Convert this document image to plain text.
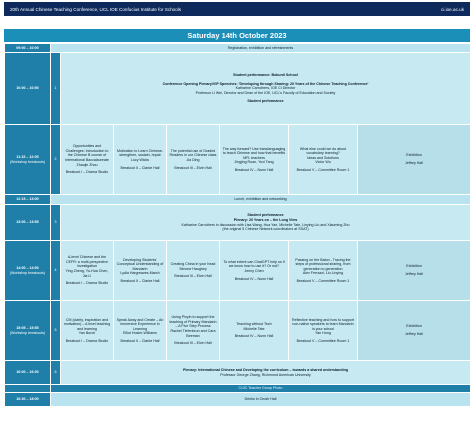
20th Annual Chinese Teaching Conference, UCL IOE Confucius Institute for Schools	ci.ioe.ac.uk
Saturday 14th October 2023
09:00 – 10:00	Registration, exhibition and refreshments						
10:00 – 10:50	1	Student performance: Bokunti School
Conference Opening Plenary/VIP Speeches: 'Developing through Sharing: 20 Years of the Chinese Teaching Conference'
Katharine Carruthers, IOE CI Director
Professor Li Wei, Director and Dean of the IOE, UCL's Faculty of Education and Society
Student performance					

11:15 – 12:05
(Workshop breakouts)	2	Opportunities and Challenges: Introduction to the Chinese B course of International Baccalaureate
Zhaojin Zhou
Breakout I – Drama Studio	Motivation to Learn Chinese- strengthen, sustain, repair
Lucy Wicks
Breakout II – Clarke Hall	The potential use of Graded Readers in our Chinese class
Jia Ding
Breakout III – Elvin Hall	The way forward? Use translanguaging to teach Chinese and how that benefits MFL teachers
Jingjing Ruan, Yuxi Tang
Breakout IV – Nunn Hall	What else could we do about vocabulary learning?
Ideas and Solutions
Victor Wu
Breakout V – Committee Room 1	Exhibition
Jeffrey Hall

12:15 – 13:00	Lunch, exhibition and networking						
13:00 – 13:55	3	Student performance
Plenary: 20 Years on – the Long View
Katharine Carruthers in discussion with Lisa Wang, Hua Yan, Michelle Tate, Linying Liu and Xiaoming Zhu
(the original 5 Chinese Network coordinators at SSAT)					

14:00 – 14:50
(Workshop breakouts)	4	A-level Chinese and the CEFR: a multi-perspective investigation
Ying Zheng, Yu-Hua Chen, Jia Li
Breakout I – Drama Studio	Developing Students' Conceptual Understanding of Mandarin
Lydia Hargreaves-March
Breakout II – Clarke Hall	Creating China in your head
Simone Haughey
Breakout III – Elvin Hall	To what extent can ChatGPT help us if we know how to use it? Or not?
Jenny Chen
Breakout IV – Nunn Hall	Passing on the Baton - Tracing the steps of professional sharing, from generation to generation
Alex Ferrazzi, Liu Linying
Breakout V – Committee Room 1	Exhibition
Jeffrey Hall

15:05 – 15:55
(Workshop breakouts)	5	CM (clarity, inspiration and motivation) – A level teaching and learning
Yan Burch
Breakout I – Drama Studio	Speak Away and Create – An Immersive Experience in Learning
Elliot Hosier-Williams
Breakout II – Clarke Hall	Using Pinyin to support the teaching of Primary Mandarin – A Five Step Process
Rachel Tiefenbrun and Cara Beeman
Breakout III – Elvin Hall	Teaching without Tech
Michelle Tate
Breakout IV – Nunn Hall	Reflective teaching and how to support non-native speakers to learn Mandarin in your school
Yan Hong
Breakout V – Committee Room 1	Exhibition
Jeffrey Hall

16:00 – 16:30	6	Plenary: International Chinese and Developing the curriculum – towards a shared understanding
Professor George Zhang, Richmond American University					

	CiJIC Teacher Group Photo						
16:30 – 18:00	Drinks in Crush Hall						
